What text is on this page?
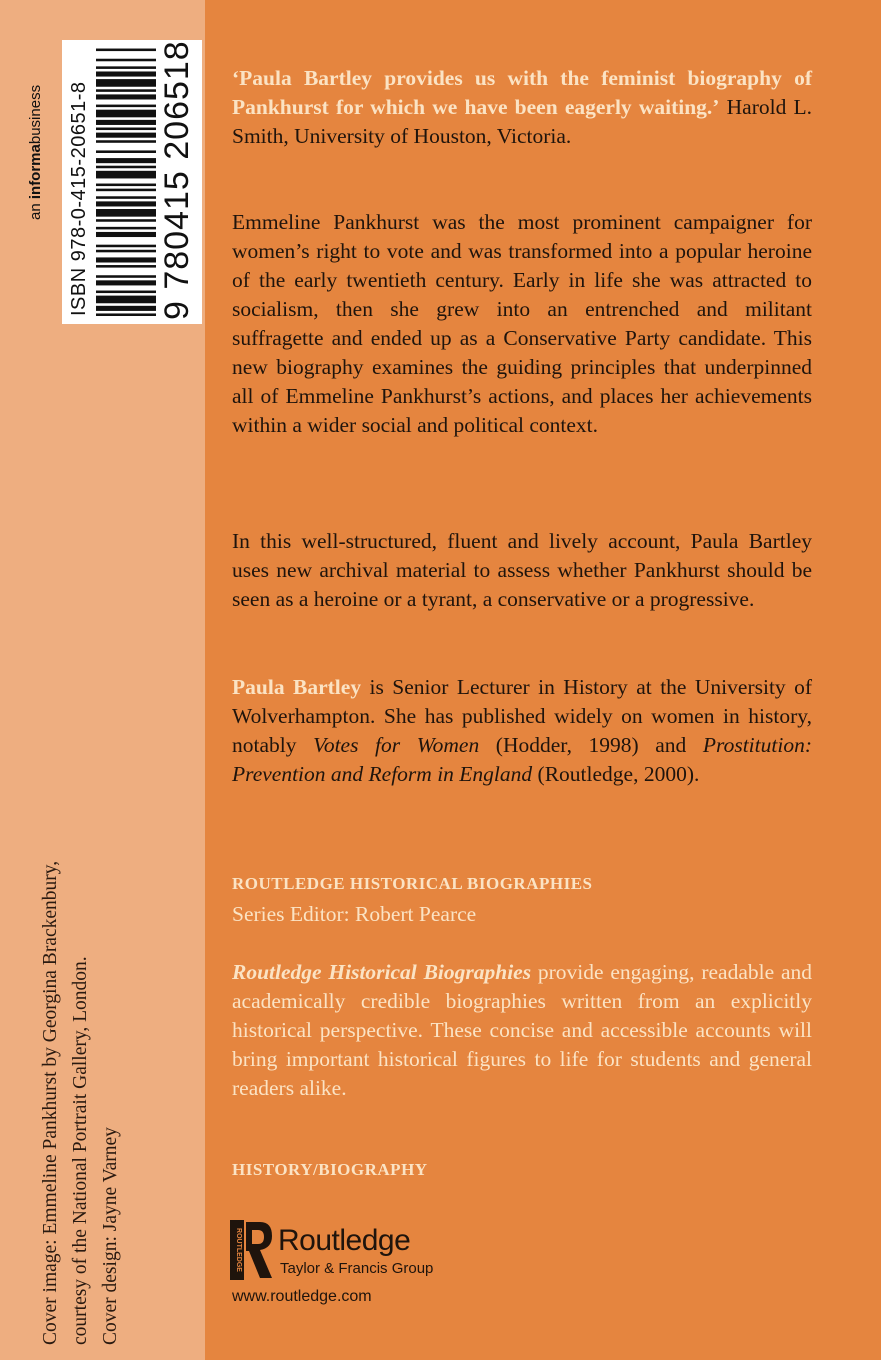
an informabusiness	ISBN 978-0-415-20651-8 9 780415 206518
Cover image: Emmeline Pankhurst by Georgina Brackenbury, courtesy of the National Portrait Gallery, London. Cover design: Jayne Varney
‘Paula Bartley provides us with the feminist biography of Pankhurst for which we have been eagerly waiting.’ Harold L. Smith, University of Houston, Victoria.
Emmeline Pankhurst was the most prominent campaigner for women’s right to vote and was transformed into a popular heroine of the early twentieth century. Early in life she was attracted to socialism, then she grew into an entrenched and militant suffragette and ended up as a Conservative Party candidate. This new biography examines the guiding principles that underpinned all of Emmeline Pankhurst’s actions, and places her achievements within a wider social and political context.
In this well-structured, fluent and lively account, Paula Bartley uses new archival material to assess whether Pankhurst should be seen as a heroine or a tyrant, a conservative or a progressive.
Paula Bartley is Senior Lecturer in History at the University of Wolverhampton. She has published widely on women in history, notably Votes for Women (Hodder, 1998) and Prostitution: Prevention and Reform in England (Routledge, 2000).
ROUTLEDGE HISTORICAL BIOGRAPHIES
Series Editor: Robert Pearce
Routledge Historical Biographies provide engaging, readable and academically credible biographies written from an explicitly historical perspective. These concise and accessible accounts will bring important historical figures to life for students and general readers alike.
HISTORY/BIOGRAPHY
ROUTLEDGE Routledge
Taylor & Francis Group
www.routledge.com
